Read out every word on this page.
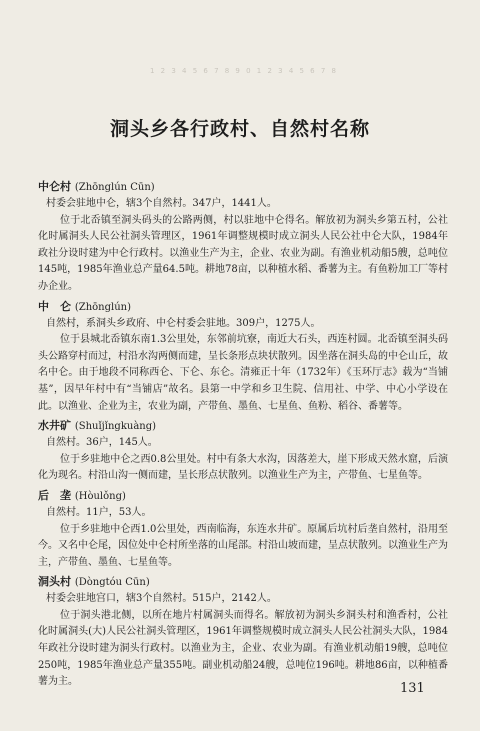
1 2 3 4 5 6 7 8 9 0 1 2 3 4 5 6 7 8
洞头乡各行政村、自然村名称
中仑村 (Zhōnglún Cūn)

村委会驻地中仑，辖3个自然村。347户，1441人。

位于北岙镇至洞头码头的公路两侧，村以驻地中仑得名。解放初为洞头乡第五村，公社化时属洞头人民公社洞头管理区，1961年调整规模时成立洞头人民公社中仑大队，1984年政社分设时建为中仑行政村。以渔业生产为主，企业、农业为副。有渔业机动船5艘，总吨位145吨，1985年渔业总产量64.5吨。耕地78亩，以种植水稻、番薯为主。有鱼粉加工厂等村办企业。

中　仑 (Zhōnglún)

自然村，系洞头乡政府、中仑村委会驻地。309户，1275人。

位于县城北岙镇东南1.3公里处，东邻前坑寮，南近大石头，西连村圆。北岙镇至洞头码头公路穿村而过，村沿水沟两侧而建，呈长条形点块状散列。因坐落在洞头岛的中仑山丘，故名中仑。由于地段不同称西仑、下仑、东仑。清雍正十年（1732年）《玉环厅志》载为“当铺基”，因早年村中有“当铺店”故名。县第一中学和乡卫生院、信用社、中学、中心小学设在此。以渔业、企业为主，农业为副，产带鱼、墨鱼、七星鱼、鱼粉、稻谷、番薯等。

水井矿 (Shuǐjǐngkuàng)

自然村。36户，145人。

位于乡驻地中仑之西0.8公里处。村中有条大水沟，因落差大，崖下形成天然水窟，后演化为现名。村沿山沟一侧而建，呈长形点状散列。以渔业生产为主，产带鱼、七星鱼等。

后　垄 (Hòulǒng)

自然村。11户，53人。

位于乡驻地中仑西1.0公里处，西南临海，东连水井矿。原属后坑村后垄自然村，沿用至今。又名中仑尾，因位处中仑村所坐落的山尾部。村沿山坡而建，呈点状散列。以渔业生产为主，产带鱼、墨鱼、七星鱼等。

洞头村 (Dòngtóu Cūn)

村委会驻地宫口，辖3个自然村。515户，2142人。

位于洞头港北侧，以所在地片村属洞头而得名。解放初为洞头乡洞头村和渔香村，公社化时属洞头(大)人民公社洞头管理区，1961年调整规模时成立洞头人民公社洞头大队，1984年政社分设时建为洞头行政村。以渔业为主，企业、农业为副。有渔业机动船19艘，总吨位250吨，1985年渔业总产量355吨。副业机动船24艘，总吨位196吨。耕地86亩，以种植番薯为主。	131
